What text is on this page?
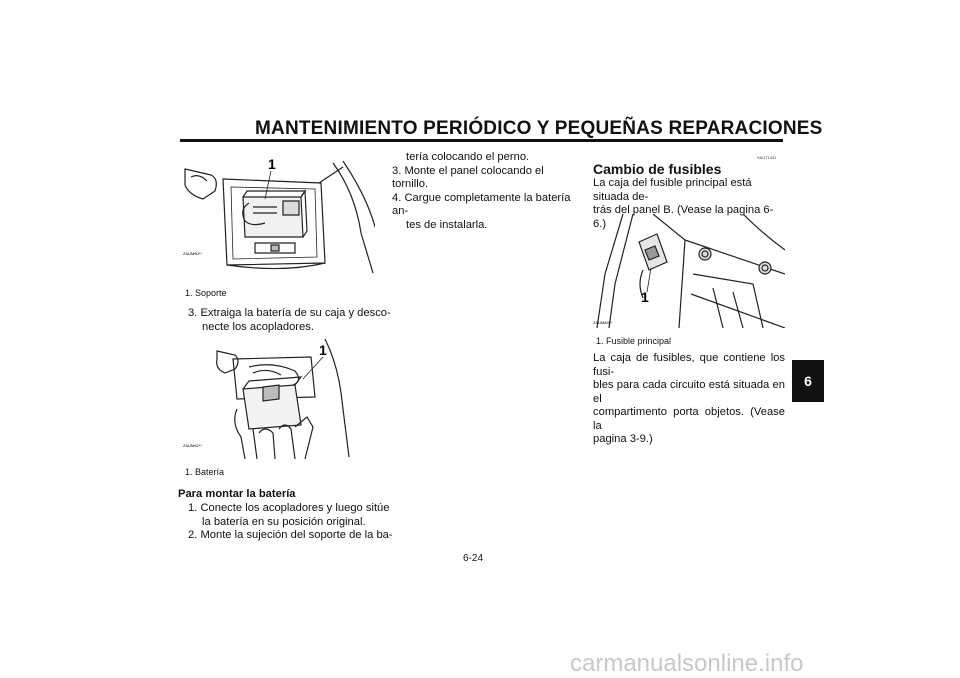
MANTENIMIENTO PERIÓDICO Y PEQUEÑAS REPARACIONES
6
1
ZAUM60**
1. Soporte
3. Extraiga la batería de su caja y desco-
necte los acopladores.
1
ZAUM62**
1. Batería
Para montar la batería
1. Conecte los acopladores y luego sitúe
la batería en su posición original.
2. Monte la sujeción del soporte de la ba-
tería colocando el perno.
3. Monte el panel colocando el tornillo.
4. Cargue completamente la batería an-
tes de instalarla.
SAUT1431
Cambio de fusibles
La caja del fusible principal está situada de-
trás del panel B. (Vease la pagina 6-6.)
1
ZAUM63**
1. Fusible principal
La caja de fusibles, que contiene los fusi-
bles para cada circuito está situada en el
compartimento porta objetos. (Vease la
pagina 3-9.)
6-24
carmanualsonline.info
